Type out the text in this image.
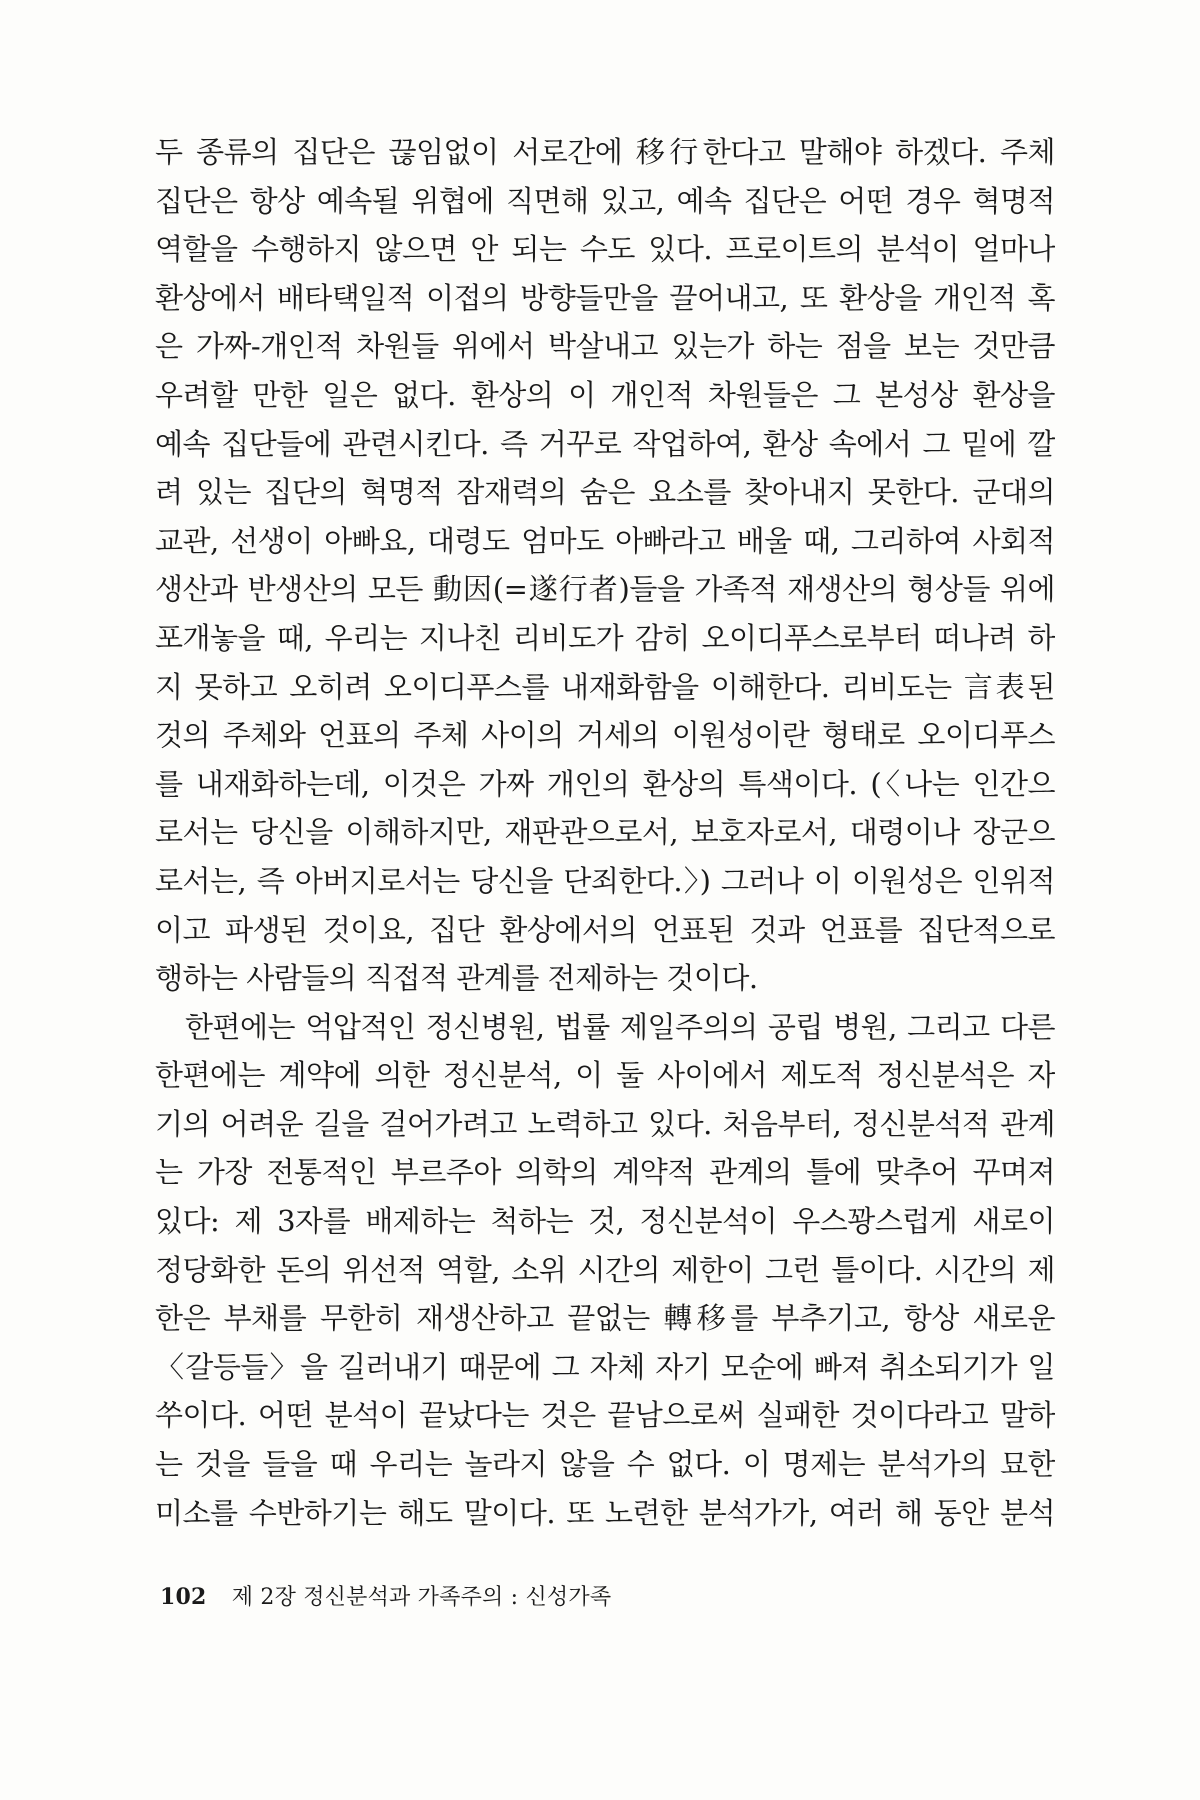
두 종류의 집단은 끊임없이 서로간에 移行한다고 말해야 하겠다. 주체
집단은 항상 예속될 위협에 직면해 있고, 예속 집단은 어떤 경우 혁명적
역할을 수행하지 않으면 안 되는 수도 있다. 프로이트의 분석이 얼마나
환상에서 배타택일적 이접의 방향들만을 끌어내고, 또 환상을 개인적 혹
은 가짜-개인적 차원들 위에서 박살내고 있는가 하는 점을 보는 것만큼
우려할 만한 일은 없다. 환상의 이 개인적 차원들은 그 본성상 환상을
예속 집단들에 관련시킨다. 즉 거꾸로 작업하여, 환상 속에서 그 밑에 깔
려 있는 집단의 혁명적 잠재력의 숨은 요소를 찾아내지 못한다. 군대의
교관, 선생이 아빠요, 대령도 엄마도 아빠라고 배울 때, 그리하여 사회적
생산과 반생산의 모든 動因(=遂行者)들을 가족적 재생산의 형상들 위에
포개놓을 때, 우리는 지나친 리비도가 감히 오이디푸스로부터 떠나려 하
지 못하고 오히려 오이디푸스를 내재화함을 이해한다. 리비도는 言表된
것의 주체와 언표의 주체 사이의 거세의 이원성이란 형태로 오이디푸스
를 내재화하는데, 이것은 가짜 개인의 환상의 특색이다. (〈나는 인간으
로서는 당신을 이해하지만, 재판관으로서, 보호자로서, 대령이나 장군으
로서는, 즉 아버지로서는 당신을 단죄한다.〉) 그러나 이 이원성은 인위적
이고 파생된 것이요, 집단 환상에서의 언표된 것과 언표를 집단적으로
행하는 사람들의 직접적 관계를 전제하는 것이다.
한편에는 억압적인 정신병원, 법률 제일주의의 공립 병원, 그리고 다른
한편에는 계약에 의한 정신분석, 이 둘 사이에서 제도적 정신분석은 자
기의 어려운 길을 걸어가려고 노력하고 있다. 처음부터, 정신분석적 관계
는 가장 전통적인 부르주아 의학의 계약적 관계의 틀에 맞추어 꾸며져
있다: 제 3자를 배제하는 척하는 것, 정신분석이 우스꽝스럽게 새로이
정당화한 돈의 위선적 역할, 소위 시간의 제한이 그런 틀이다. 시간의 제
한은 부채를 무한히 재생산하고 끝없는 轉移를 부추기고, 항상 새로운
〈갈등들〉을 길러내기 때문에 그 자체 자기 모순에 빠져 취소되기가 일
쑤이다. 어떤 분석이 끝났다는 것은 끝남으로써 실패한 것이다라고 말하
는 것을 들을 때 우리는 놀라지 않을 수 없다. 이 명제는 분석가의 묘한
미소를 수반하기는 해도 말이다. 또 노련한 분석가가, 여러 해 동안 분석
102 제 2장 정신분석과 가족주의 : 신성가족
